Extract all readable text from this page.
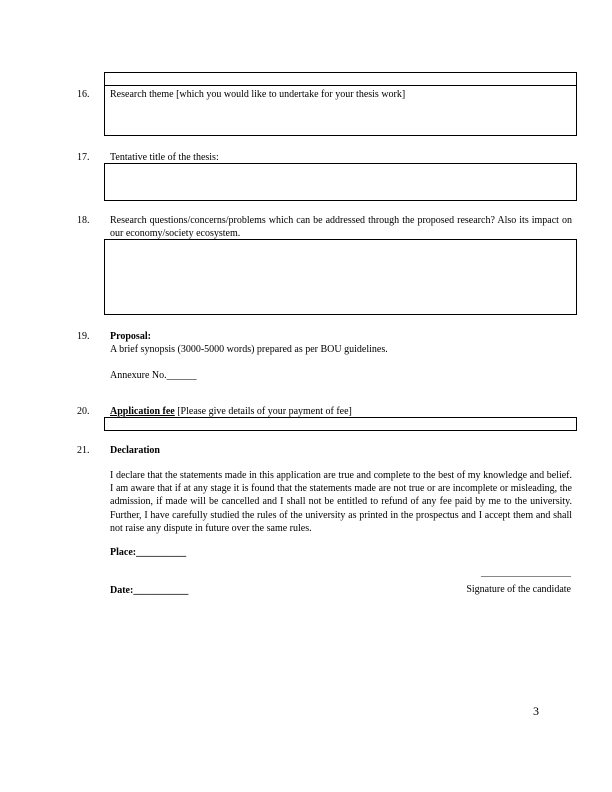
16. Research theme [which you would like to undertake for your thesis work]
17. Tentative title of the thesis:
18. Research questions/concerns/problems which can be addressed through the proposed research? Also its impact on our economy/society ecosystem.
19. Proposal:
A brief synopsis (3000-5000 words) prepared as per BOU guidelines.
Annexure No.______
20. Application fee [Please give details of your payment of fee]
21. Declaration
I declare that the statements made in this application are true and complete to the best of my knowledge and belief. I am aware that if at any stage it is found that the statements made are not true or are incomplete or misleading, the admission, if made will be cancelled and I shall not be entitled to refund of any fee paid by me to the university. Further, I have carefully studied the rules of the university as printed in the prospectus and I accept them and shall not raise any dispute in future over the same rules.
Place:__________
____________________
Signature of the candidate
Date:___________
3
